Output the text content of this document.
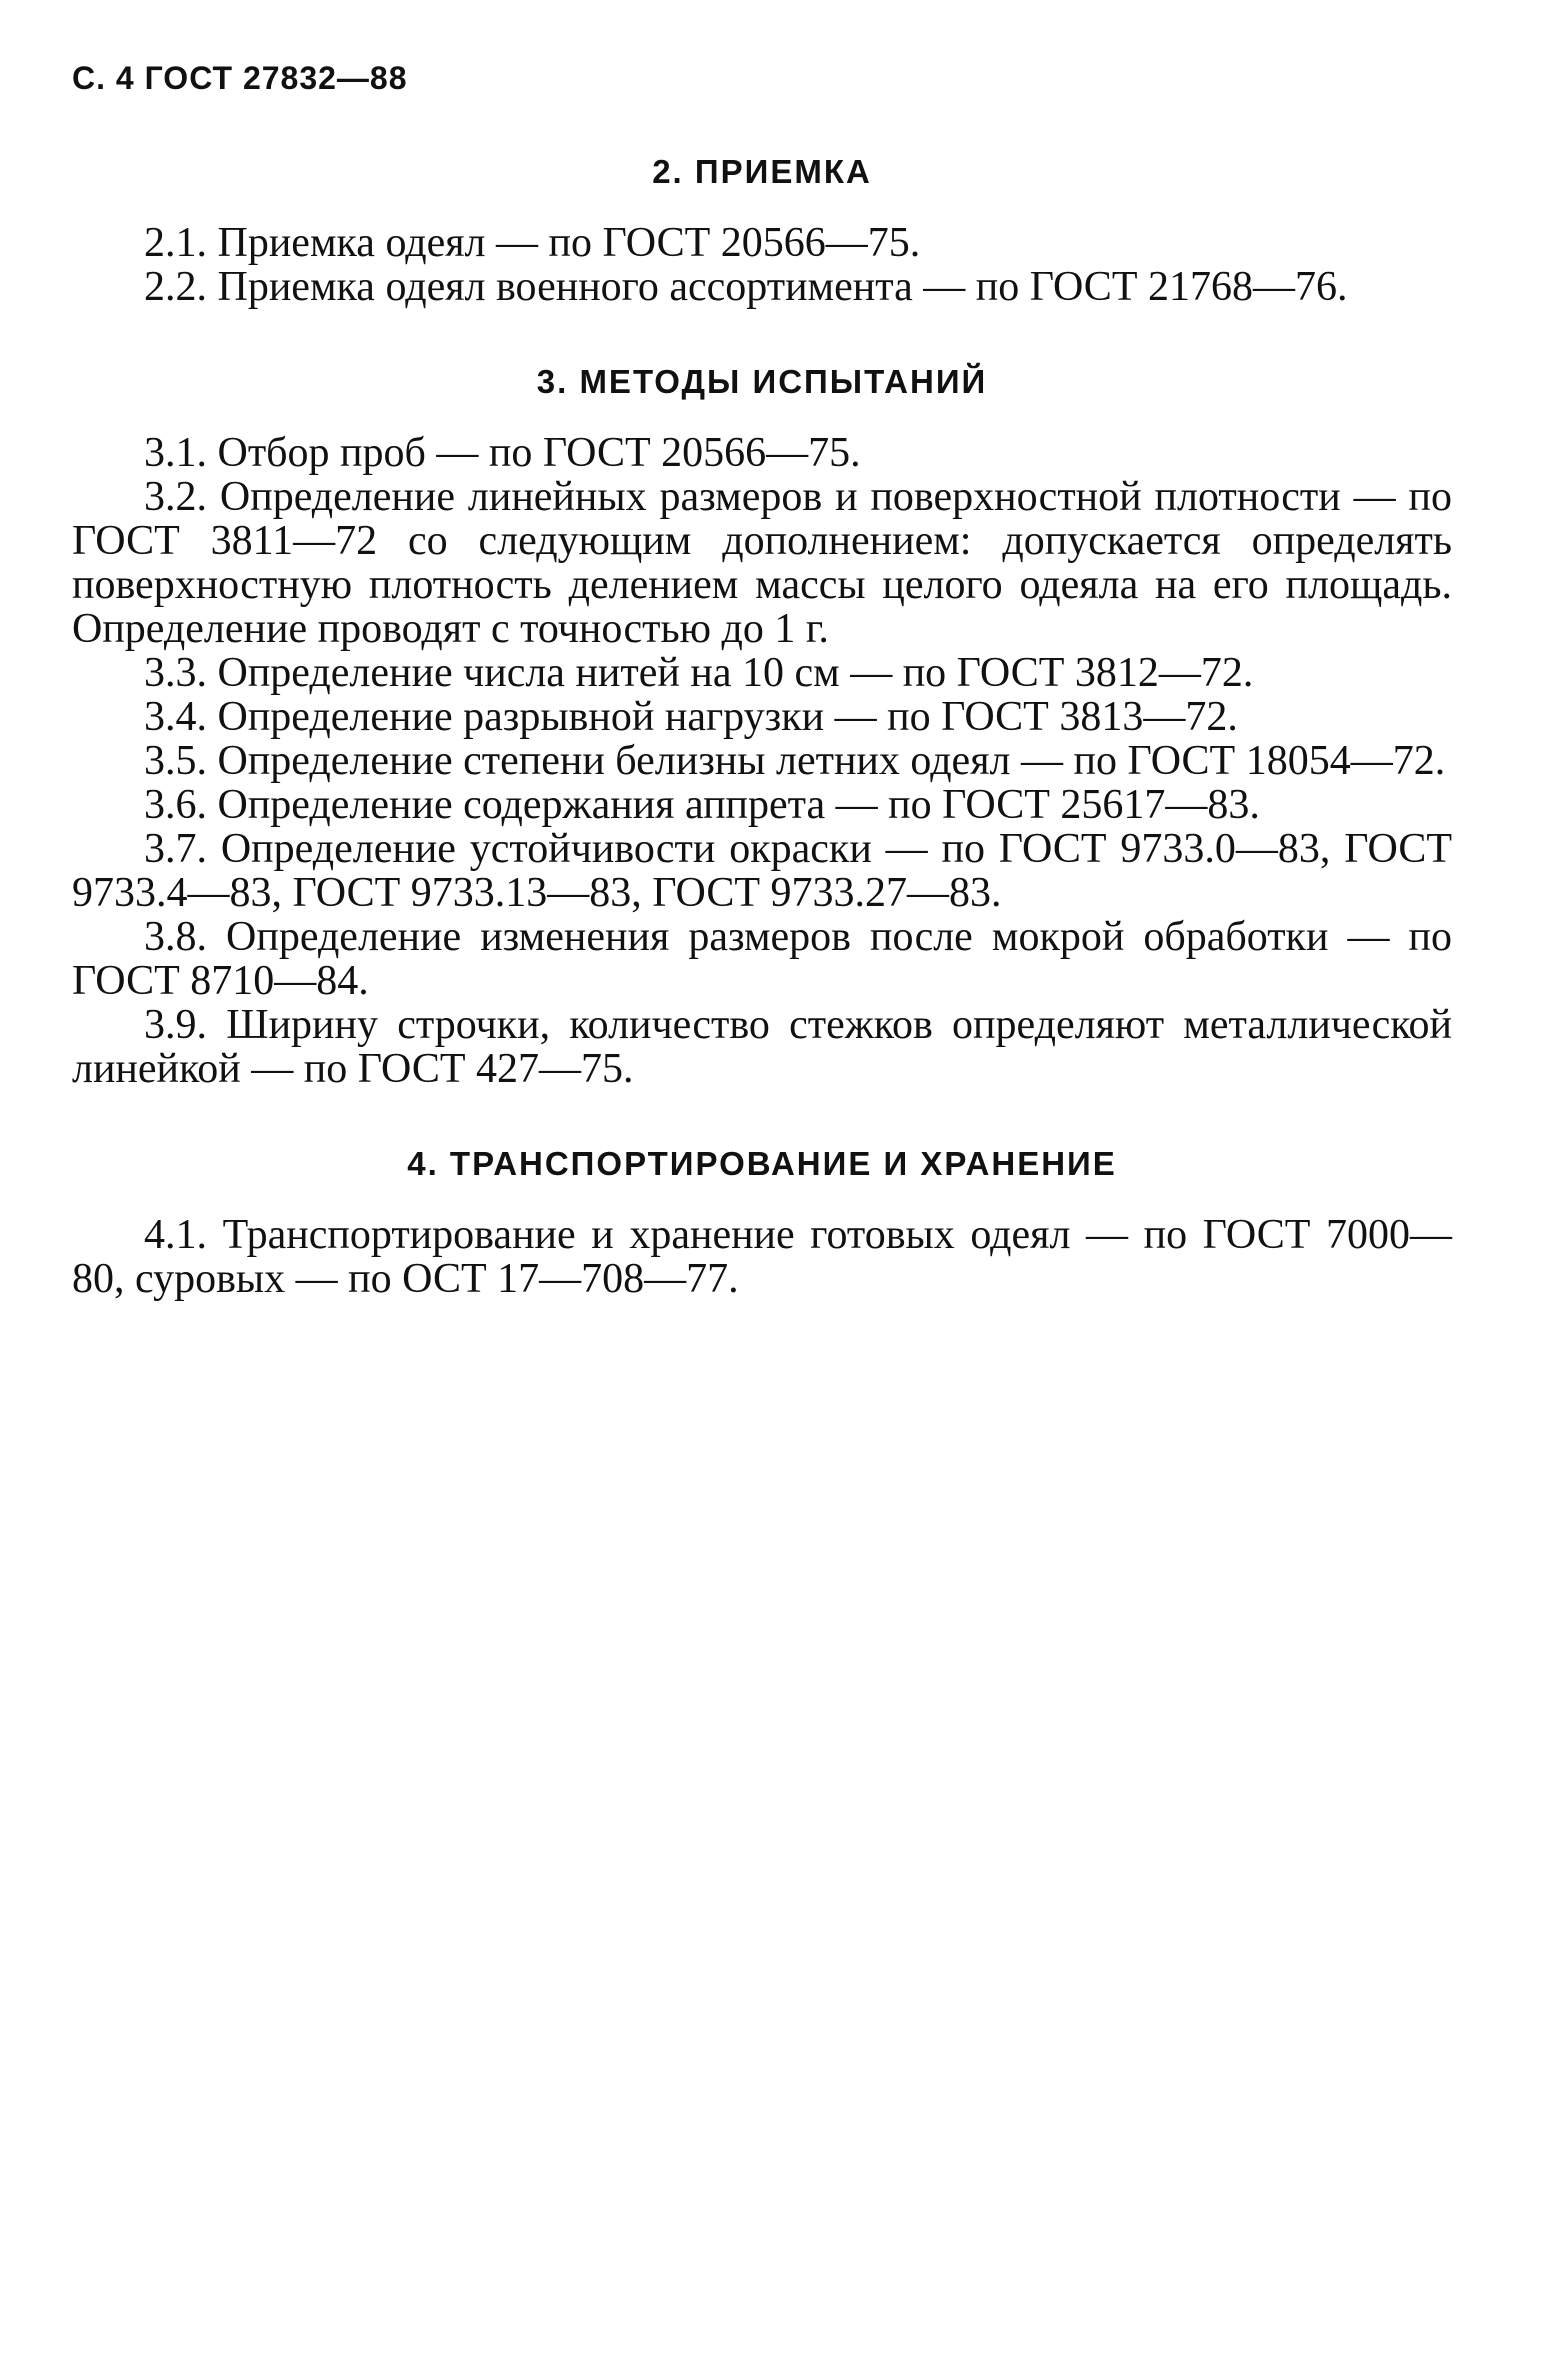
С. 4 ГОСТ 27832—88
2. ПРИЕМКА

2.1. Приемка одеял — по ГОСТ 20566—75.

2.2. Приемка одеял военного ассортимента — по ГОСТ 21768—76.

3. МЕТОДЫ ИСПЫТАНИЙ

3.1. Отбор проб — по ГОСТ 20566—75.

3.2. Определение линейных размеров и поверхностной плотности — по ГОСТ 3811—72 со следующим дополнением: допускается определять поверхностную плотность делением массы целого одеяла на его площадь. Определение проводят с точностью до 1 г.

3.3. Определение числа нитей на 10 см — по ГОСТ 3812—72.

3.4. Определение разрывной нагрузки — по ГОСТ 3813—72.

3.5. Определение степени белизны летних одеял — по ГОСТ 18054—72.

3.6. Определение содержания аппрета — по ГОСТ 25617—83.

3.7. Определение устойчивости окраски — по ГОСТ 9733.0—83, ГОСТ 9733.4—83, ГОСТ 9733.13—83, ГОСТ 9733.27—83.

3.8. Определение изменения размеров после мокрой обработки — по ГОСТ 8710—84.

3.9. Ширину строчки, количество стежков определяют металлической линейкой — по ГОСТ 427—75.

4. ТРАНСПОРТИРОВАНИЕ И ХРАНЕНИЕ

4.1. Транспортирование и хранение готовых одеял — по ГОСТ 7000—80, суровых — по ОСТ 17—708—77.
